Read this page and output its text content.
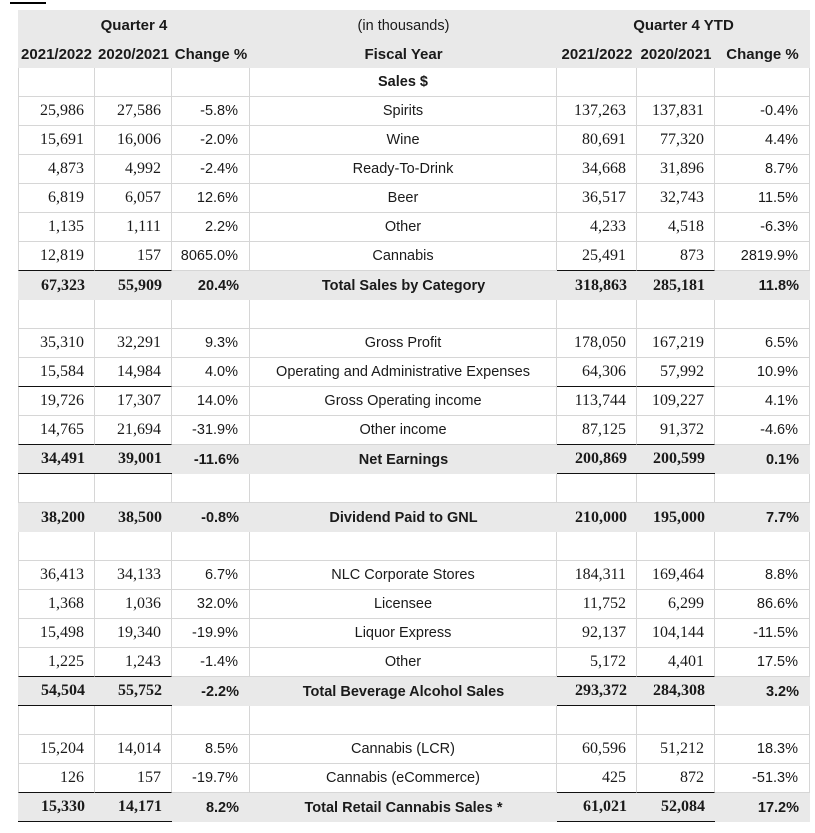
Quarter 4	(in thousands)	Quarter 4 YTD
2021/2022 2020/2021 Change %	Fiscal Year	2021/2022 2020/2021 Change %
Sales $
25,986	27,586	-5.8%	Spirits	137,263	137,831	-0.4%
15,691	16,006	-2.0%	Wine	80,691	77,320	4.4%
4,873	4,992	-2.4%	Ready-To-Drink	34,668	31,896	8.7%
6,819	6,057	12.6%	Beer	36,517	32,743	11.5%
1,135	1,111	2.2%	Other	4,233	4,518	-6.3%
12,819	157	8065.0%	Cannabis	25,491	873	2819.9%
67,323	55,909	20.4%	Total Sales by Category	318,863	285,181	11.8%
35,310	32,291	9.3%	Gross Profit	178,050	167,219	6.5%
15,584	14,984	4.0%	Operating and Administrative Expenses	64,306	57,992	10.9%
19,726	17,307	14.0%	Gross Operating income	113,744	109,227	4.1%
14,765	21,694	-31.9%	Other income	87,125	91,372	-4.6%
34,491	39,001	-11.6%	Net Earnings	200,869	200,599	0.1%
38,200	38,500	-0.8%	Dividend Paid to GNL	210,000	195,000	7.7%
36,413	34,133	6.7%	NLC Corporate Stores	184,311	169,464	8.8%
1,368	1,036	32.0%	Licensee	11,752	6,299	86.6%
15,498	19,340	-19.9%	Liquor Express	92,137	104,144	-11.5%
1,225	1,243	-1.4%	Other	5,172	4,401	17.5%
54,504	55,752	-2.2%	Total Beverage Alcohol Sales	293,372	284,308	3.2%
15,204	14,014	8.5%	Cannabis (LCR)	60,596	51,212	18.3%
126	157	-19.7%	Cannabis (eCommerce)	425	872	-51.3%
15,330	14,171	8.2%	Total Retail Cannabis Sales *	61,021	52,084	17.2%
